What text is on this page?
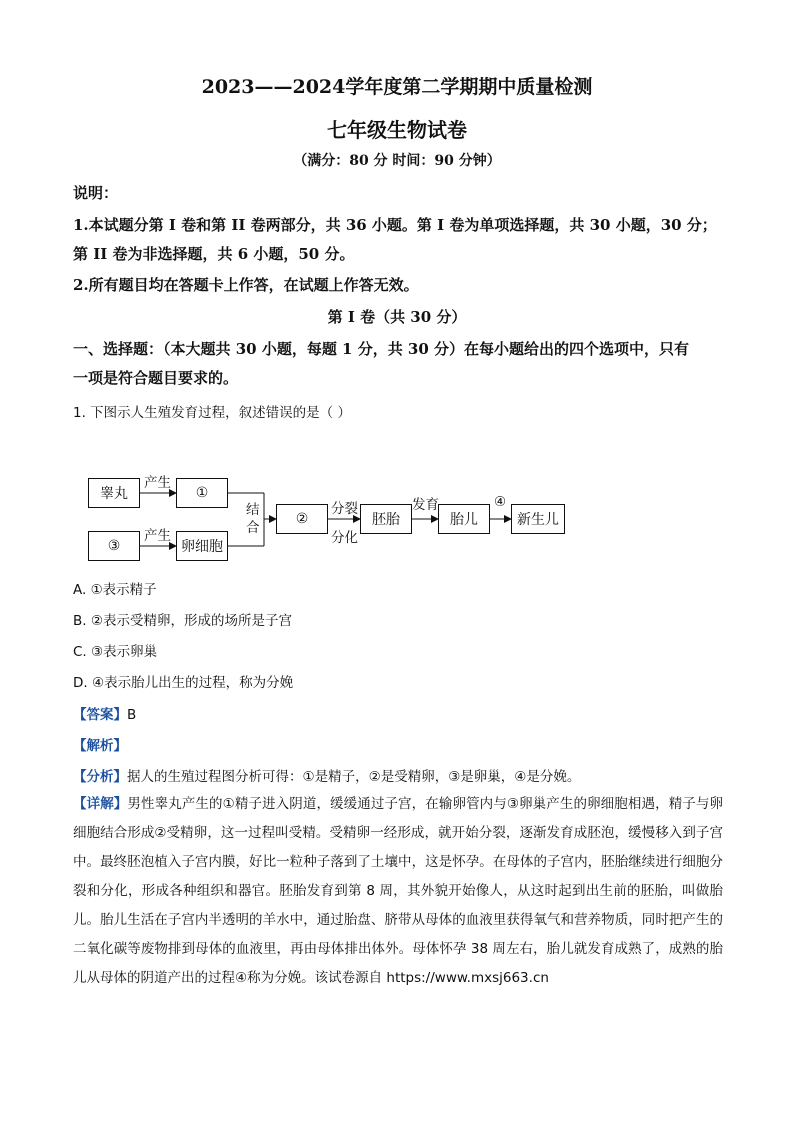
2023——2024学年度第二学期期中质量检测
七年级生物试卷
（满分：80 分 时间：90 分钟）
说明：
1.本试题分第 I 卷和第 II 卷两部分，共 36 小题。第 I 卷为单项选择题，共 30 小题，30 分；
第 II 卷为非选择题，共 6 小题，50 分。
2.所有题目均在答题卡上作答，在试题上作答无效。
第 I 卷（共 30 分）
一、选择题：（本大题共 30 小题，每题 1 分，共 30 分）在每小题给出的四个选项中，只有
一项是符合题目要求的。
1. 下图示人生殖发育过程，叙述错误的是（ ）
睾丸	①
③	卵细胞
②	胚胎	胎儿	新生儿
产生
产生
结
合
分裂
分化
发育	④
A. ①表示精子
B. ②表示受精卵，形成的场所是子宫
C. ③表示卵巢
D. ④表示胎儿出生的过程，称为分娩
【答案】B
【解析】
【分析】据人的生殖过程图分析可得：①是精子，②是受精卵，③是卵巢，④是分娩。
【详解】男性睾丸产生的①精子进入阴道，缓缓通过子宫，在输卵管内与③卵巢产生的卵细胞相遇，精子与卵细胞结合形成②受精卵，这一过程叫受精。受精卵一经形成，就开始分裂，逐渐发育成胚泡，缓慢移入到子宫中。最终胚泡植入子宫内膜，好比一粒种子落到了土壤中，这是怀孕。在母体的子宫内，胚胎继续进行细胞分裂和分化，形成各种组织和器官。胚胎发育到第 8 周，其外貌开始像人，从这时起到出生前的胚胎，叫做胎儿。胎儿生活在子宫内半透明的羊水中，通过胎盘、脐带从母体的血液里获得氧气和营养物质，同时把产生的二氧化碳等废物排到母体的血液里，再由母体排出体外。母体怀孕 38 周左右，胎儿就发育成熟了，成熟的胎儿从母体的阴道产出的过程④称为分娩。该试卷源自 https://www.mxsj663.cn
